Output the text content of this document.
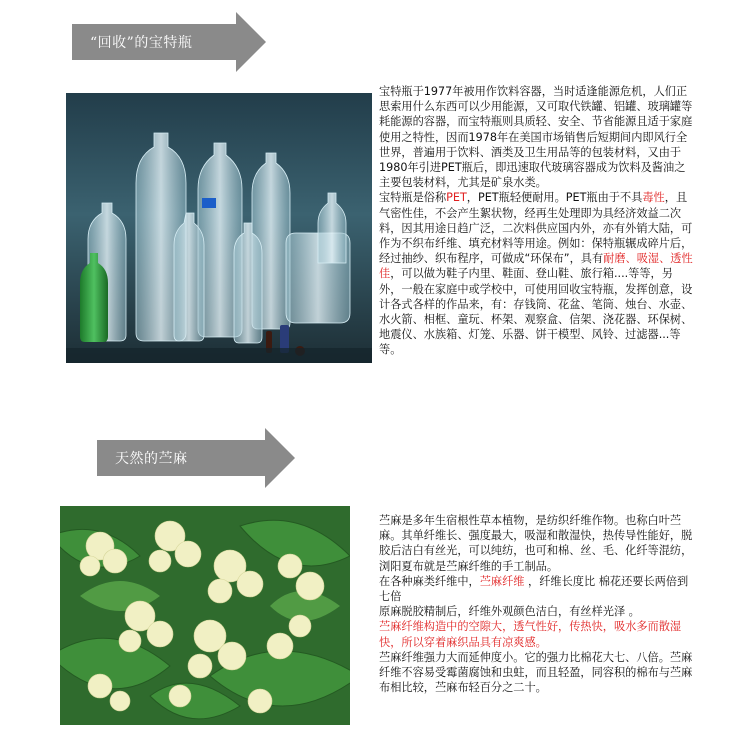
“回收”的宝特瓶

宝特瓶于1977年被用作饮料容器，当时适逢能源危机，人们正思索用什么东西可以少用能源，又可取代铁罐、铝罐、玻璃罐等耗能源的容器，而宝特瓶则具质轻、安全、节省能源且适于家庭使用之特性，因而1978年在美国市场销售后短期间内即风行全世界，普遍用于饮料、酒类及卫生用品等的包装材料，又由于1980年引进PET瓶后，即迅速取代玻璃容器成为饮料及酱油之主要包装材料，尤其是矿泉水类。

宝特瓶是俗称PET，PET瓶轻便耐用。PET瓶由于不具毒性，且气密性佳，不会产生絮状物，经再生处理即为具经济效益二次料，因其用途日趋广泛，二次料供应国内外，亦有外销大陆，可作为不织布纤维、填充材料等用途。例如：保特瓶辗成碎片后，经过抽纱、织布程序，可做成“环保布”，具有耐磨、吸湿、透性佳，可以做为鞋子内里、鞋面、登山鞋、旅行箱....等等，另外，一般在家庭中或学校中，可使用回收宝特瓶，发挥创意，设计各式各样的作品来，有：存钱筒、花盆、笔筒、烛台、水壶、水火箭、相框、童玩、杯架、观察盒、信架、浇花器、环保树、地震仪、水族箱、灯笼、乐器、饼干模型、风铃、过滤器...等等。

天然的苎麻

苎麻是多年生宿根性草本植物，是纺织纤维作物。也称白叶苎麻。其单纤维长、强度最大，吸湿和散湿快，热传导性能好，脱胶后洁白有丝光，可以纯纺，也可和棉、丝、毛、化纤等混纺，浏阳夏布就是苎麻纤维的手工制品。

在各种麻类纤维中，苎麻纤维 ，纤维长度比 棉花还要长两倍到七倍

原麻脱胶精制后，纤维外观颜色洁白，有丝样光泽 。

苎麻纤维构造中的空隙大，透气性好，传热快，吸水多而散湿快，所以穿着麻织品具有凉爽感。

苎麻纤维强力大而延伸度小。它的强力比棉花大七、八倍。苎麻纤维不容易受霉菌腐蚀和虫蛀，而且轻盈，同容积的棉布与苎麻布相比较，苎麻布轻百分之二十。
